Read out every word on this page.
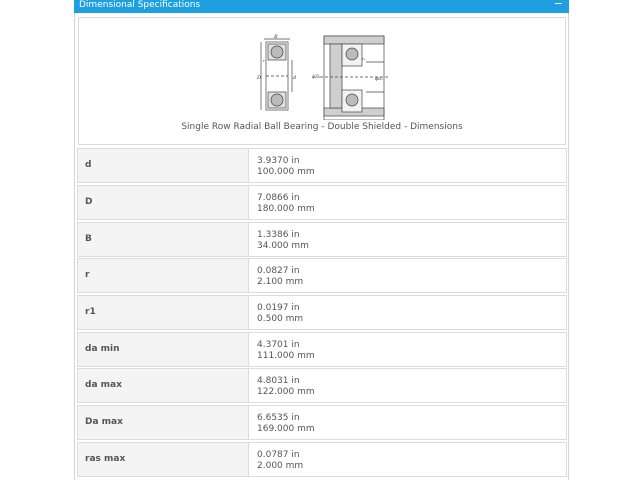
Dimensional Specifications	−
B
D	d
r
ϕDₐ	ϕdₐ
rₐ
Single Row Radial Ball Bearing - Double Shielded - Dimensions
d	3.9370 in
100.000 mm
D	7.0866 in
180.000 mm
B	1.3386 in
34.000 mm
r	0.0827 in
2.100 mm
r1	0.0197 in
0.500 mm
da min	4.3701 in
111.000 mm
da max	4.8031 in
122.000 mm
Da max	6.6535 in
169.000 mm
ras max	0.0787 in
2.000 mm
